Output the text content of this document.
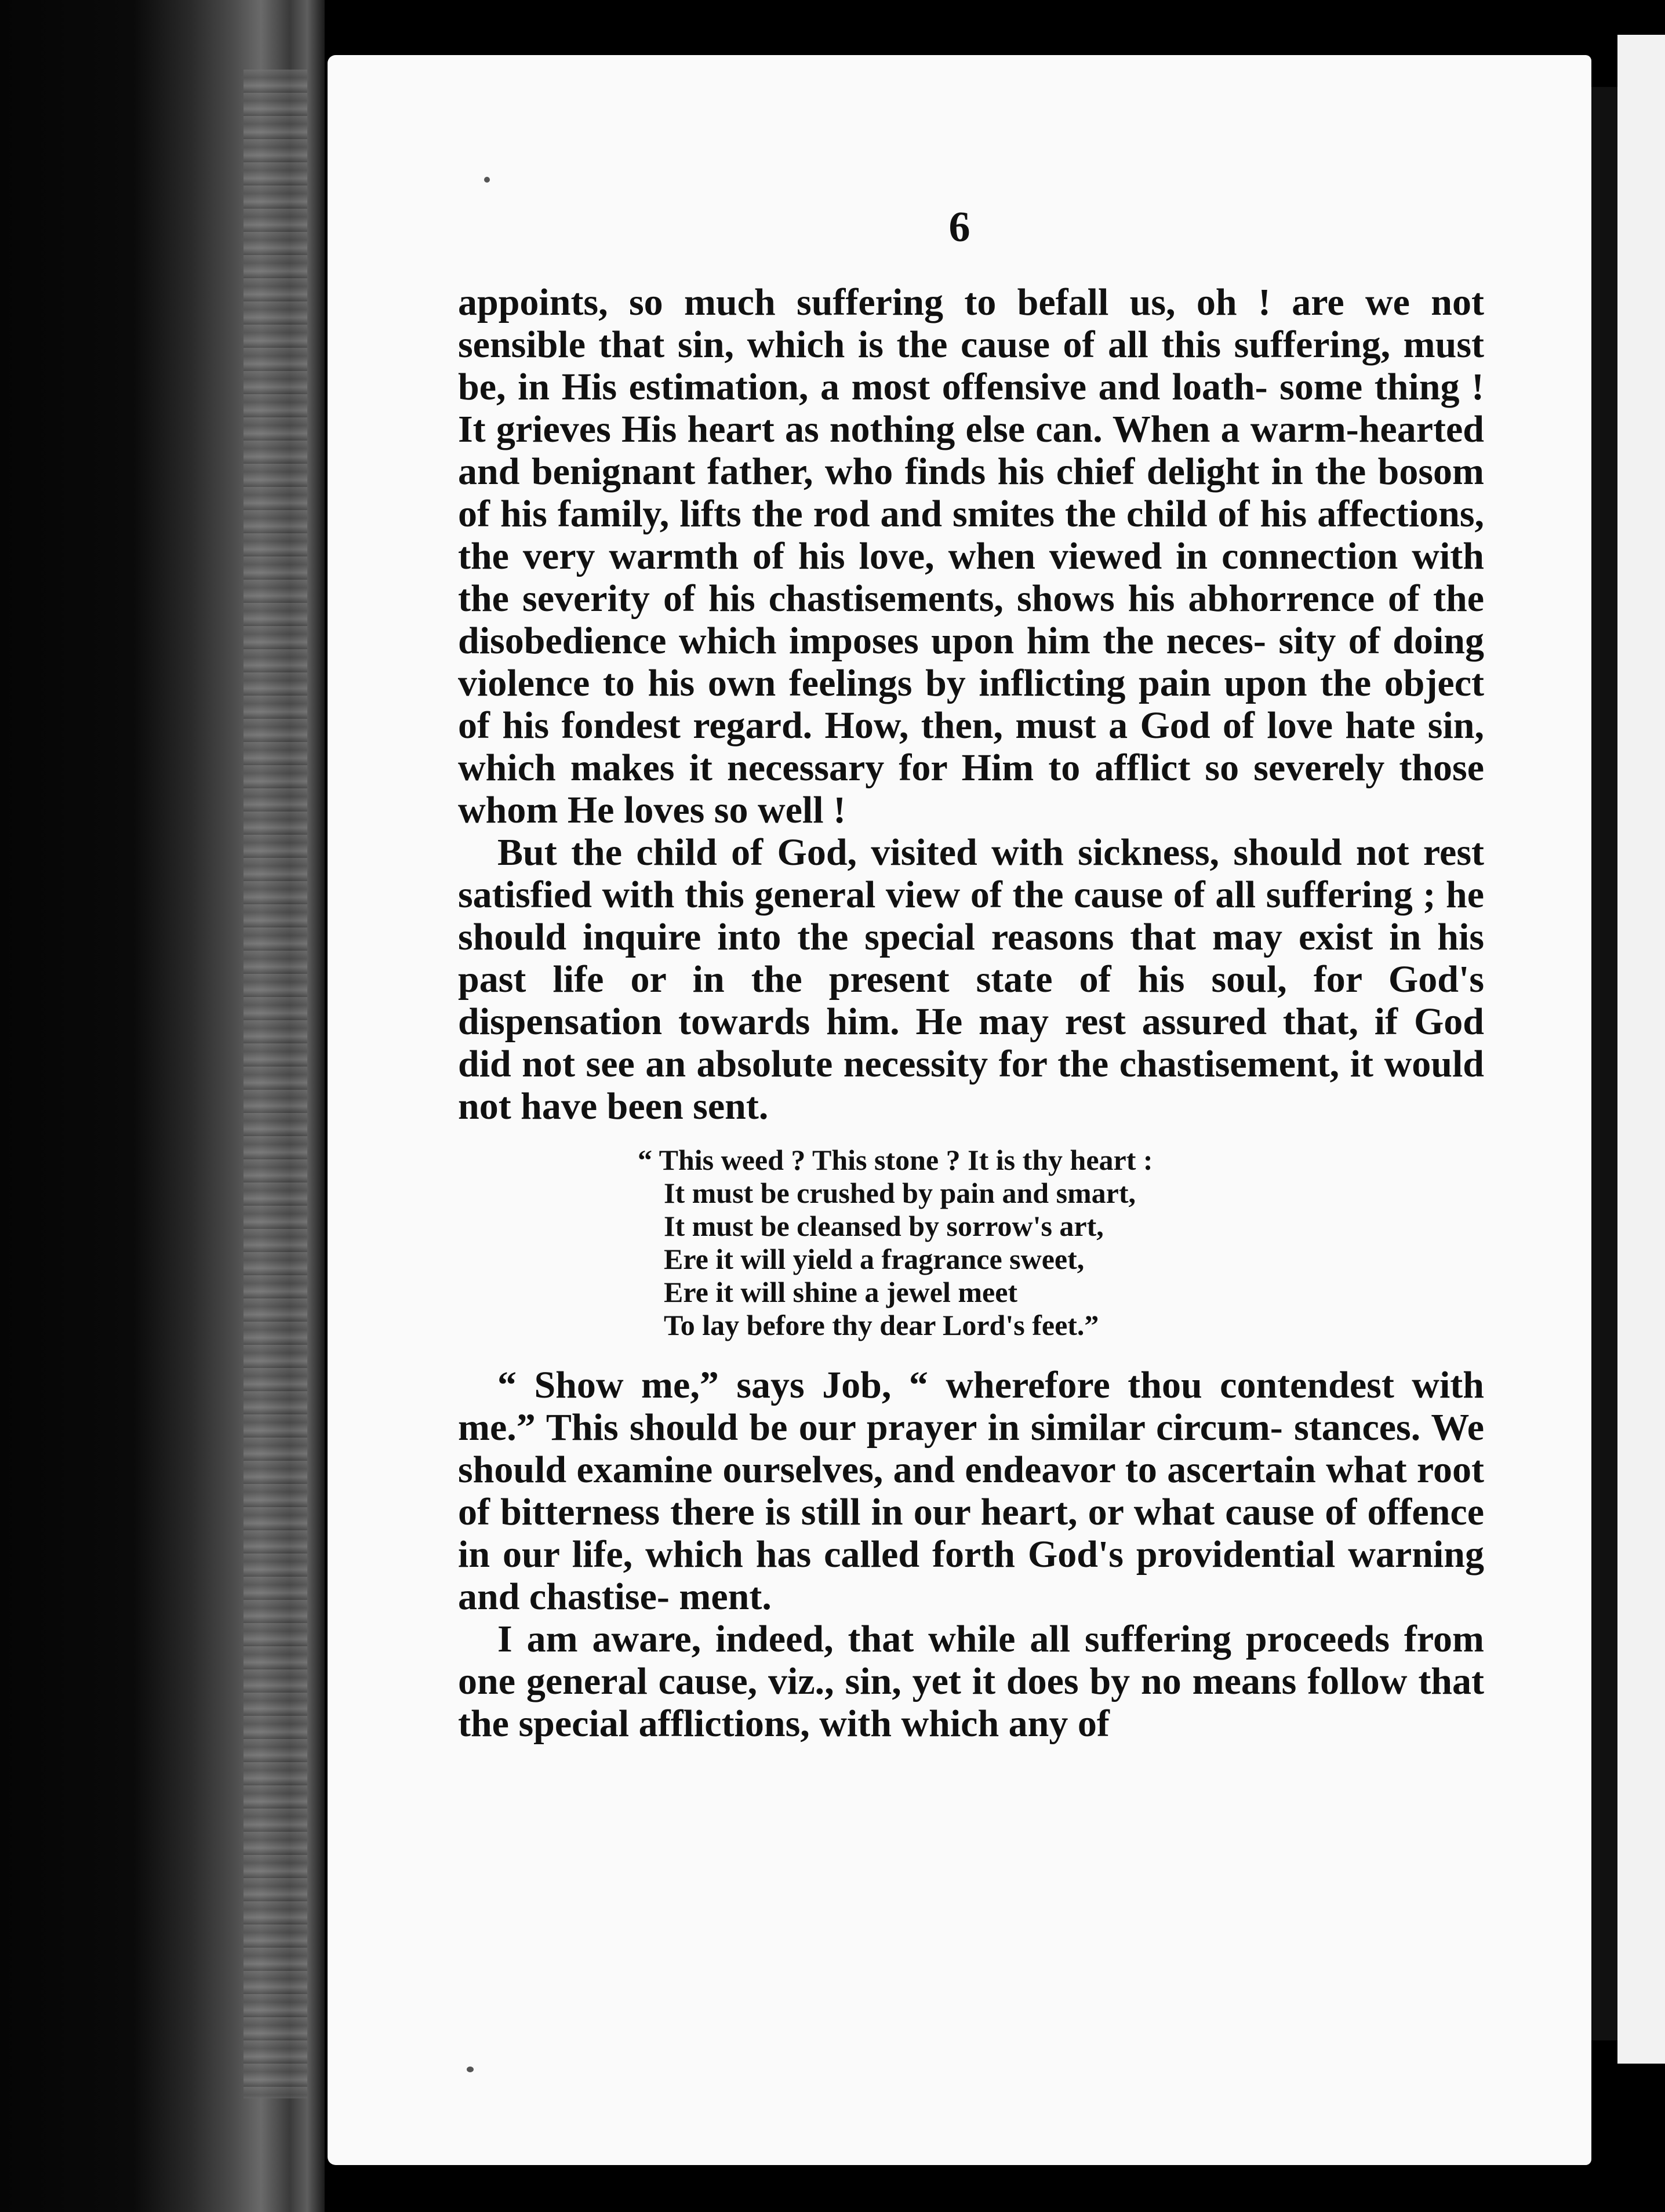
6

appoints, so much suffering to befall us, oh ! are we not sensible that sin, which is the cause of all this suffering, must be, in His estimation, a most offensive and loath- some thing ! It grieves His heart as nothing else can. When a warm-hearted and benignant father, who finds his chief delight in the bosom of his family, lifts the rod and smites the child of his affections, the very warmth of his love, when viewed in connection with the severity of his chastisements, shows his abhorrence of the disobedience which imposes upon him the neces- sity of doing violence to his own feelings by inflicting pain upon the object of his fondest regard. How, then, must a God of love hate sin, which makes it necessary for Him to afflict so severely those whom He loves so well !

But the child of God, visited with sickness, should not rest satisfied with this general view of the cause of all suffering ; he should inquire into the special reasons that may exist in his past life or in the present state of his soul, for God's dispensation towards him. He may rest assured that, if God did not see an absolute necessity for the chastisement, it would not have been sent.

“ This weed ? This stone ? It is thy heart :
It must be crushed by pain and smart,
It must be cleansed by sorrow's art,
Ere it will yield a fragrance sweet,
Ere it will shine a jewel meet
To lay before thy dear Lord's feet.”

“ Show me,” says Job, “ wherefore thou contendest with me.” This should be our prayer in similar circum- stances. We should examine ourselves, and endeavor to ascertain what root of bitterness there is still in our heart, or what cause of offence in our life, which has called forth God's providential warning and chastise- ment.

I am aware, indeed, that while all suffering proceeds from one general cause, viz., sin, yet it does by no means follow that the special afflictions, with which any of
